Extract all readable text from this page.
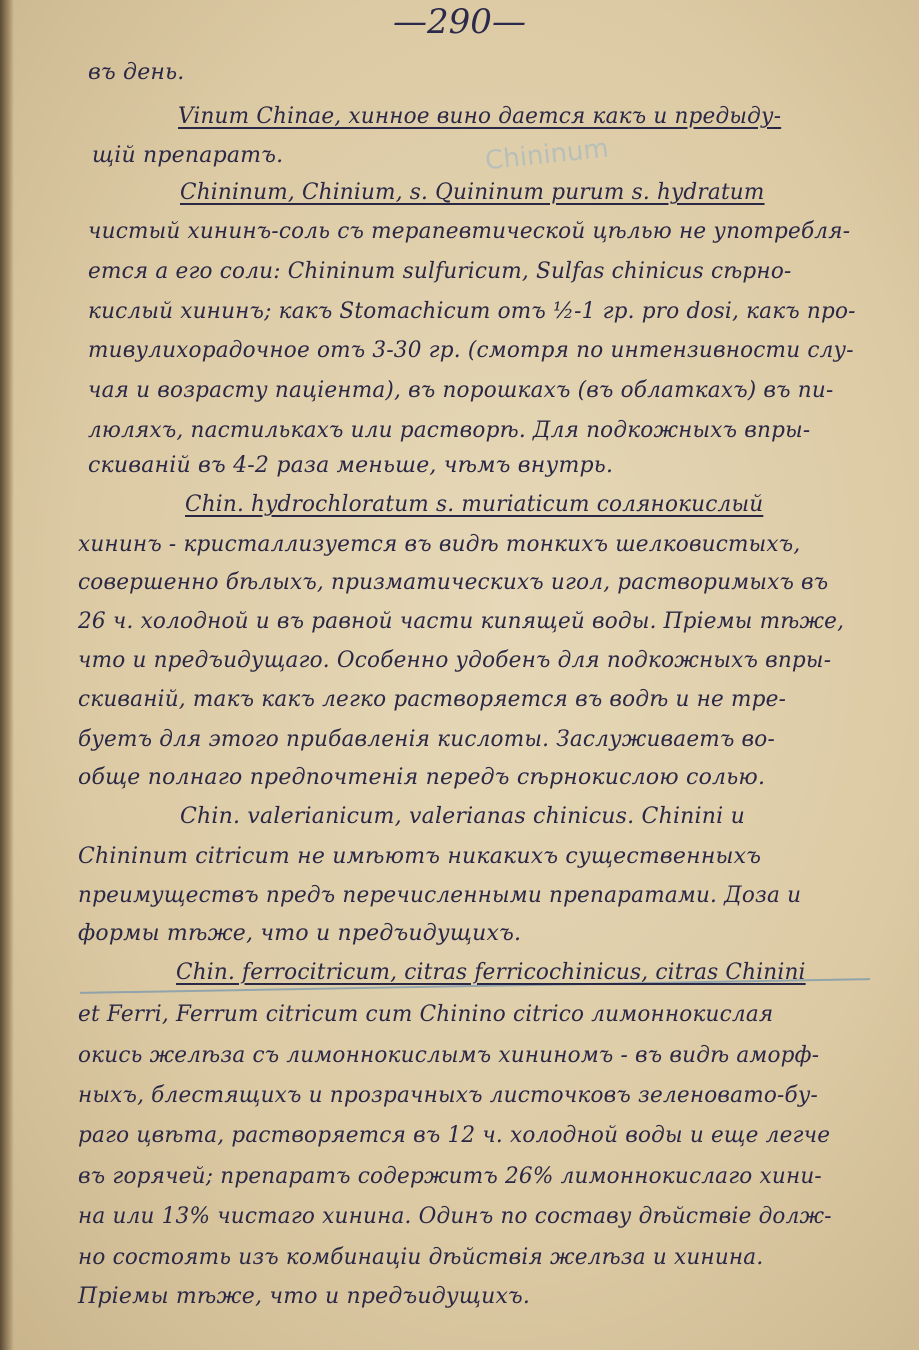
—290—
Chininum
въ день.
Vinum Chinae, хинное вино дается какъ и предыду-
щій препаратъ.
Chininum, Chinium, s. Quininum purum s. hydratum
чистый хининъ-соль съ терапевтической цѣлью не употребля-
ется а его соли: Chininum sulfuricum, Sulfas chinicus сѣрно-
кислый хининъ; какъ Stomachicum отъ ½-1 гр. pro dosi, какъ про-
тивулихорадочное отъ 3-30 гр. (смотря по интензивности слу-
чая и возрасту паціента), въ порошкахъ (въ облаткахъ) въ пи-
люляхъ, пастилькахъ или растворѣ. Для подкожныхъ впры-
скиваній въ 4-2 раза меньше, чѣмъ внутрь.
Chin. hydrochloratum s. muriaticum солянокислый
хининъ - кристаллизуется въ видѣ тонкихъ шелковистыхъ,
совершенно бѣлыхъ, призматическихъ игол, растворимыхъ въ
26 ч. холодной и въ равной части кипящей воды. Пріемы тѣже,
что и предъидущаго. Особенно удобенъ для подкожныхъ впры-
скиваній, такъ какъ легко растворяется въ водѣ и не тре-
буетъ для этого прибавленія кислоты. Заслуживаетъ во-
обще полнаго предпочтенія передъ сѣрнокислою солью.
Chin. valerianicum, valerianas chinicus. Chinini и
Chininum citricum не имѣютъ никакихъ существенныхъ
преимуществъ предъ перечисленными препаратами. Доза и
формы тѣже, что и предъидущихъ.
Chin. ferrocitricum, citras ferricochinicus, citras Chinini
et Ferri, Ferrum citricum cum Chinino citrico лимоннокислая
окись желѣза съ лимоннокислымъ хининомъ - въ видѣ аморф-
ныхъ, блестящихъ и прозрачныхъ листочковъ зеленовато-бу-
раго цвѣта, растворяется въ 12 ч. холодной воды и еще легче
въ горячей; препаратъ содержитъ 26% лимоннокислаго хини-
на или 13% чистаго хинина. Одинъ по составу дѣйствіе долж-
но состоять изъ комбинаціи дѣйствія желѣза и хинина.
Пріемы тѣже, что и предъидущихъ.
